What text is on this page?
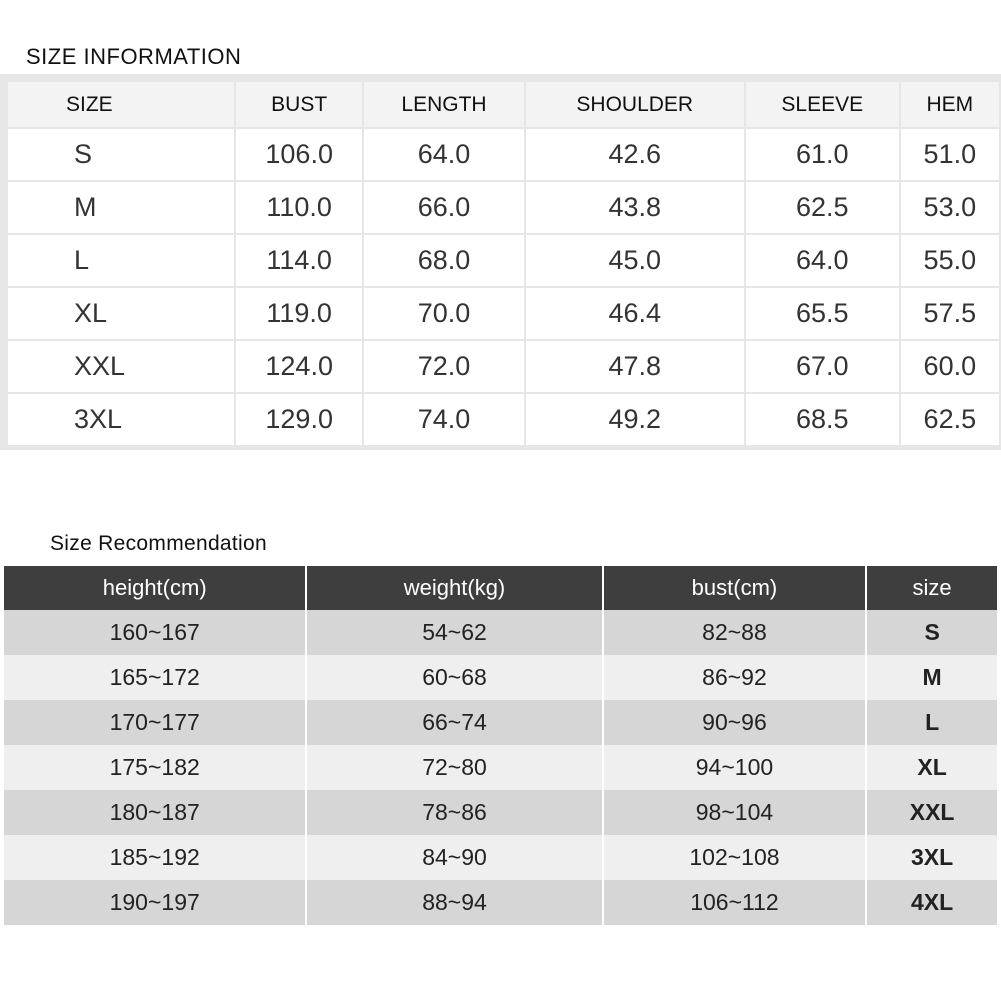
SIZE INFORMATION
SIZE	BUST	LENGTH	SHOULDER	SLEEVE	HEM
S	106.0	64.0	42.6	61.0	51.0
M	110.0	66.0	43.8	62.5	53.0
L	114.0	68.0	45.0	64.0	55.0
XL	119.0	70.0	46.4	65.5	57.5
XXL	124.0	72.0	47.8	67.0	60.0
3XL	129.0	74.0	49.2	68.5	62.5
Size Recommendation
height(cm)	weight(kg)	bust(cm)	size
160~167	54~62	82~88	S
165~172	60~68	86~92	M
170~177	66~74	90~96	L
175~182	72~80	94~100	XL
180~187	78~86	98~104	XXL
185~192	84~90	102~108	3XL
190~197	88~94	106~112	4XL
